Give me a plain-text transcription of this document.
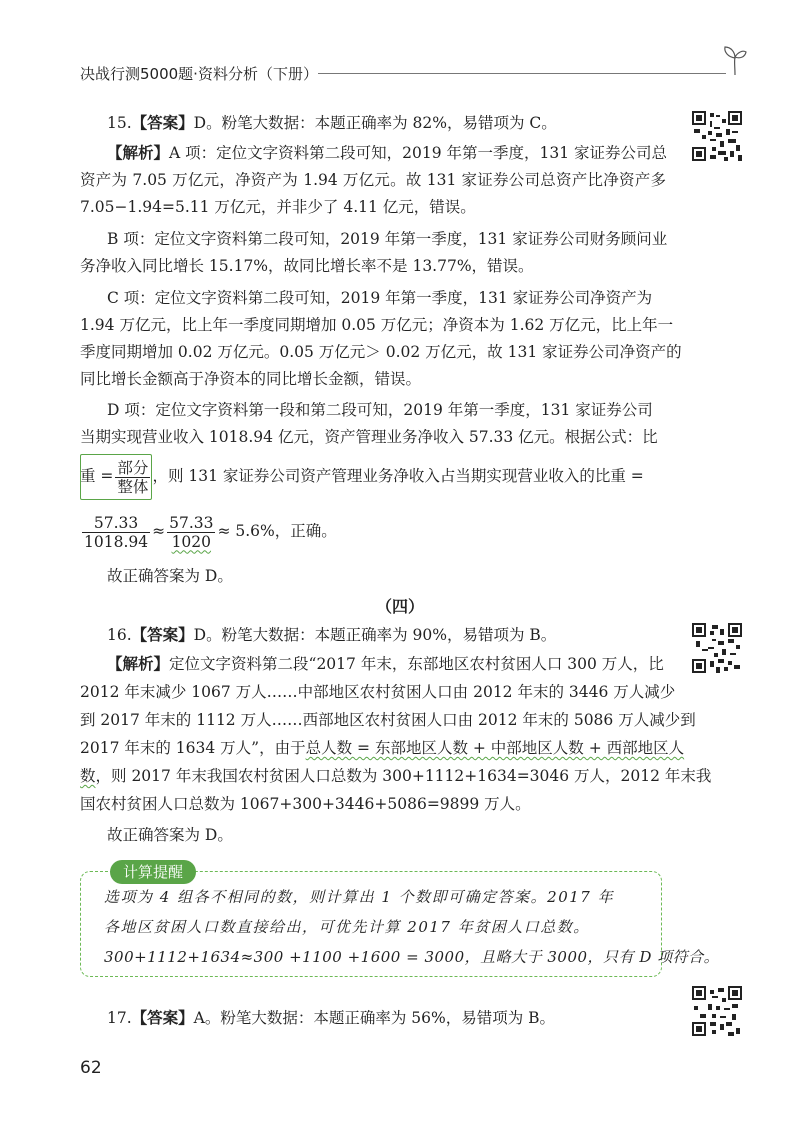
决战行测5000题·资料分析（下册）
15.【答案】D。粉笔大数据：本题正确率为 82%，易错项为 C。
【解析】A 项：定位文字资料第二段可知，2019 年第一季度，131 家证券公司总
资产为 7.05 万亿元，净资产为 1.94 万亿元。故 131 家证券公司总资产比净资产多
7.05−1.94=5.11 万亿元，并非少了 4.11 亿元，错误。
B 项：定位文字资料第二段可知，2019 年第一季度，131 家证券公司财务顾问业
务净收入同比增长 15.17%，故同比增长率不是 13.77%，错误。
C 项：定位文字资料第二段可知，2019 年第一季度，131 家证券公司净资产为
1.94 万亿元，比上年一季度同期增加 0.05 万亿元；净资本为 1.62 万亿元，比上年一
季度同期增加 0.02 万亿元。0.05 万亿元＞ 0.02 万亿元，故 131 家证券公司净资产的
同比增长金额高于净资本的同比增长金额，错误。
D 项：定位文字资料第一段和第二段可知，2019 年第一季度，131 家证券公司
当期实现营业收入 1018.94 亿元，资产管理业务净收入 57.33 亿元。根据公式：比
重 = $\frac{\text{部分}}{\text{整体}}$ ，则 131 家证券公司资产管理业务净收入占当期实现营业收入的比重 =
$\frac{57.33}{1018.94} \approx \frac{57.33}{1020} \approx 5.6\%$，正确。
故正确答案为 D。
（四）
16.【答案】D。粉笔大数据：本题正确率为 90%，易错项为 B。
【解析】定位文字资料第二段“2017 年末，东部地区农村贫困人口 300 万人，比
2012 年末减少 1067 万人……中部地区农村贫困人口由 2012 年末的 3446 万人减少
到 2017 年末的 1112 万人……西部地区农村贫困人口由 2012 年末的 5086 万人减少到
2017 年末的 1634 万人”，由于总人数 = 东部地区人数 + 中部地区人数 + 西部地区人
数，则 2017 年末我国农村贫困人口总数为 300+1112+1634=3046 万人，2012 年末我
国农村贫困人口总数为 1067+300+3446+5086=9899 万人。
故正确答案为 D。
计算提醒
选项为 4 组各不相同的数，则计算出 1 个数即可确定答案。2017 年
各地区贫困人口数直接给出，可优先计算 2017 年贫困人口总数。
300+1112+1634≈300 +1100 +1600 = 3000，且略大于 3000，只有 D 项符合。
17.【答案】A。粉笔大数据：本题正确率为 56%，易错项为 B。
62
